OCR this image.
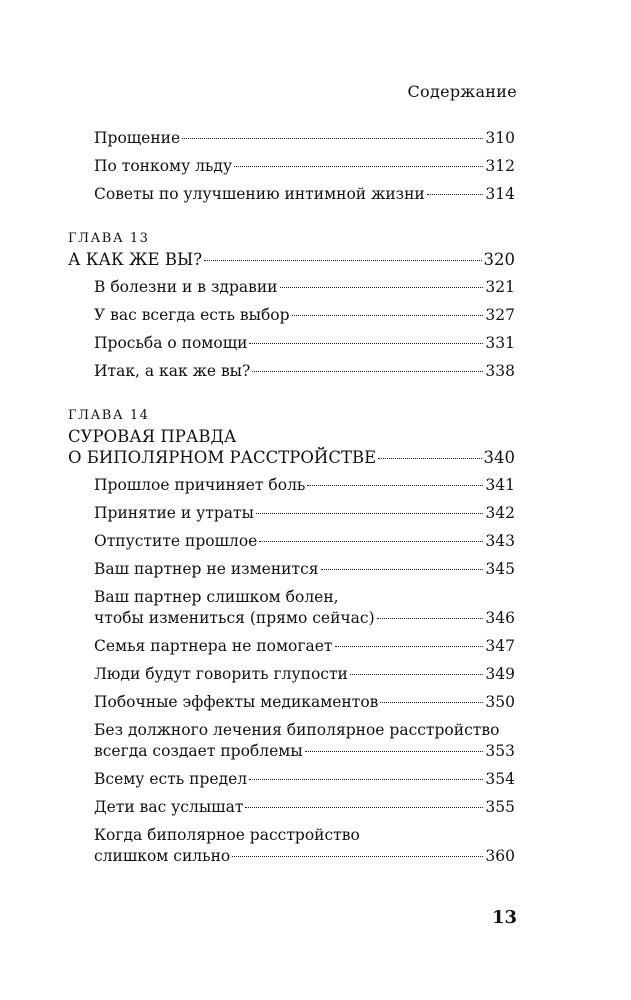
Содержание
Прощение	310
По тонкому льду	312
Советы по улучшению интимной жизни	314
ГЛАВА 13
А КАК ЖЕ ВЫ?	320
В болезни и в здравии	321
У вас всегда есть выбор	327
Просьба о помощи	331
Итак, а как же вы?	338
ГЛАВА 14
СУРОВАЯ ПРАВДА
О БИПОЛЯРНОМ РАССТРОЙСТВЕ	340
Прошлое причиняет боль	341
Принятие и утраты	342
Отпустите прошлое	343
Ваш партнер не изменится	345
Ваш партнер слишком болен,
чтобы измениться (прямо сейчас)	346
Семья партнера не помогает	347
Люди будут говорить глупости	349
Побочные эффекты медикаментов	350
Без должного лечения биполярное расстройство
всегда создает проблемы	353
Всему есть предел	354
Дети вас услышат	355
Когда биполярное расстройство
слишком сильно	360
13
